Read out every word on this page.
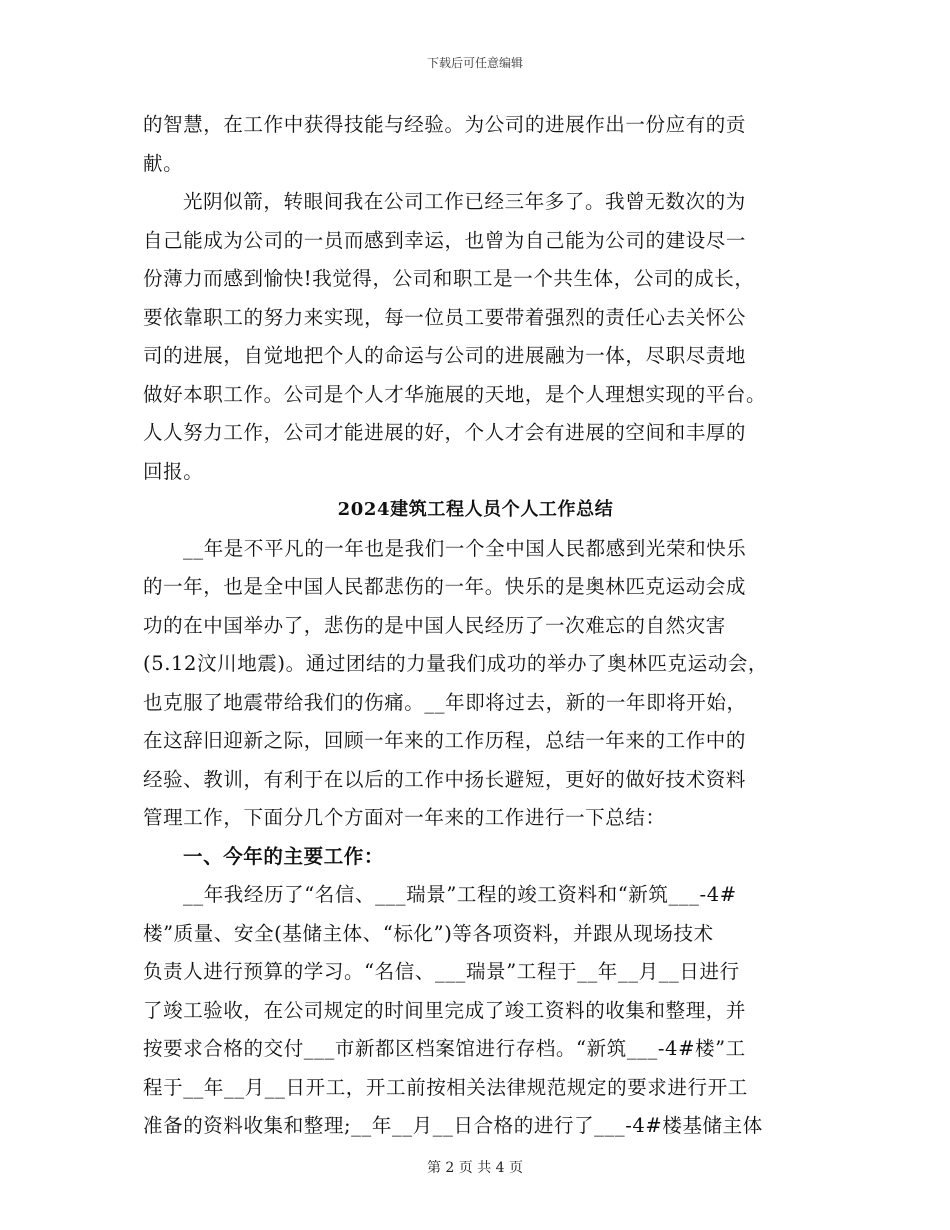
下载后可任意编辑
的智慧，在工作中获得技能与经验。为公司的进展作出一份应有的贡
献。
光阴似箭，转眼间我在公司工作已经三年多了。我曾无数次的为
自己能成为公司的一员而感到幸运，也曾为自己能为公司的建设尽一
份薄力而感到愉快!我觉得，公司和职工是一个共生体，公司的成长，
要依靠职工的努力来实现，每一位员工要带着强烈的责任心去关怀公
司的进展，自觉地把个人的命运与公司的进展融为一体，尽职尽责地
做好本职工作。公司是个人才华施展的天地，是个人理想实现的平台。
人人努力工作，公司才能进展的好，个人才会有进展的空间和丰厚的
回报。
2024建筑工程人员个人工作总结
__年是不平凡的一年也是我们一个全中国人民都感到光荣和快乐
的一年，也是全中国人民都悲伤的一年。快乐的是奥林匹克运动会成
功的在中国举办了，悲伤的是中国人民经历了一次难忘的自然灾害
(5.12汶川地震)。通过团结的力量我们成功的举办了奥林匹克运动会，
也克服了地震带给我们的伤痛。__年即将过去，新的一年即将开始，
在这辞旧迎新之际，回顾一年来的工作历程，总结一年来的工作中的
经验、教训，有利于在以后的工作中扬长避短，更好的做好技术资料
管理工作，下面分几个方面对一年来的工作进行一下总结：
一、今年的主要工作：
__年我经历了“名信、___瑞景”工程的竣工资料和“新筑___-4#
楼”质量、安全(基储主体、“标化”)等各项资料，并跟从现场技术
负责人进行预算的学习。“名信、___瑞景”工程于__年__月__日进行
了竣工验收，在公司规定的时间里完成了竣工资料的收集和整理，并
按要求合格的交付___市新都区档案馆进行存档。“新筑___-4#楼”工
程于__年__月__日开工，开工前按相关法律规范规定的要求进行开工
准备的资料收集和整理;__年__月__日合格的进行了___-4#楼基储主体
第 2 页 共 4 页
